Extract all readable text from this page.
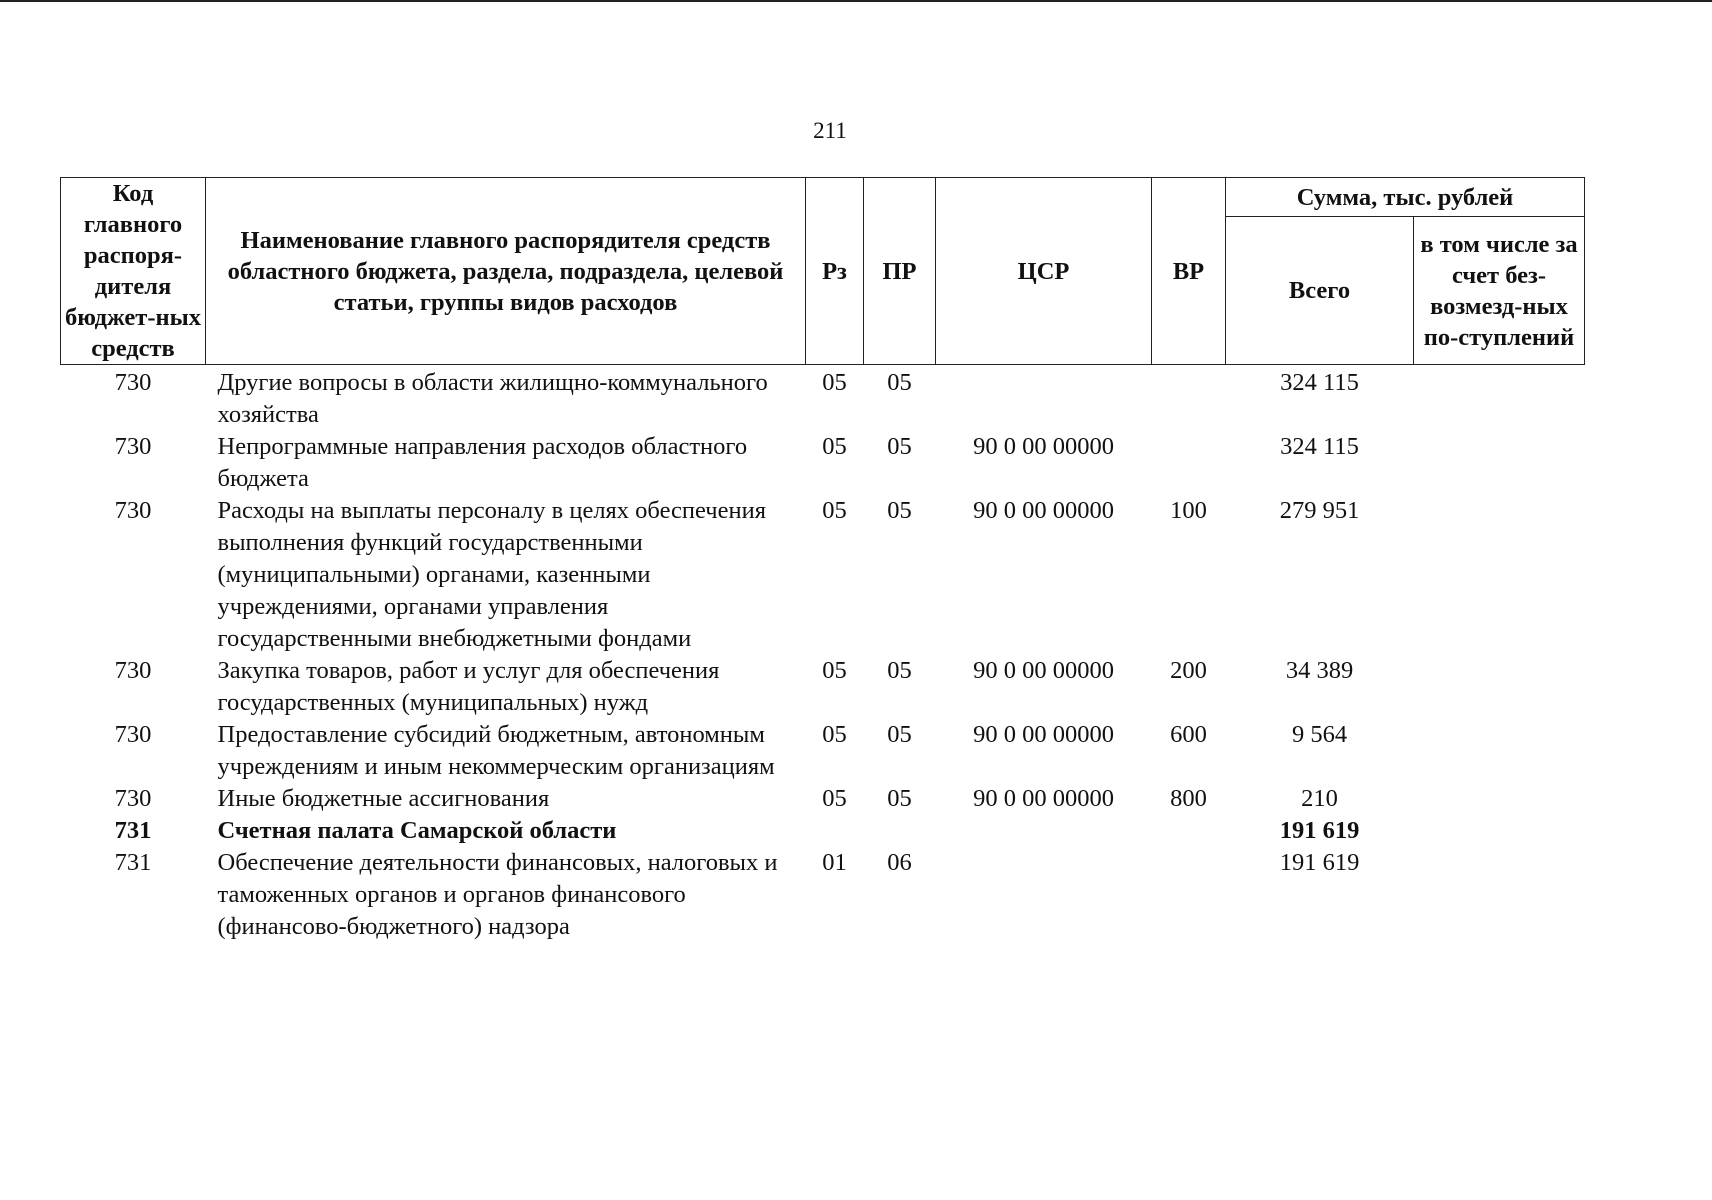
211
Код главного распоря-дителя бюджет-ных средств	Наименование главного распорядителя средств областного бюджета, раздела, подраздела, целевой статьи, группы видов расходов	Рз	ПР	ЦСР	ВР	Сумма, тыс. рублей	
						Всего	в том числе за счет без-возмезд-ных по-ступлений
730	Другие вопросы в области жилищно-коммунального хозяйства	05	05			324 115	
730	Непрограммные направления расходов областного бюджета	05	05	90 0 00 00000		324 115	
730	Расходы на выплаты персоналу в целях обеспечения выполнения функций государственными (муниципальными) органами, казенными учреждениями, органами управления государственными внебюджетными фондами	05	05	90 0 00 00000	100	279 951	
730	Закупка товаров, работ и услуг для обеспечения государственных (муниципальных) нужд	05	05	90 0 00 00000	200	34 389	
730	Предоставление субсидий бюджетным, автономным учреждениям и иным некоммерческим организациям	05	05	90 0 00 00000	600	9 564	
730	Иные бюджетные ассигнования	05	05	90 0 00 00000	800	210	
731	Счетная палата Самарской области					191 619	
731	Обеспечение деятельности финансовых, налоговых и таможенных органов и органов финансового (финансово-бюджетного) надзора	01	06			191 619	
